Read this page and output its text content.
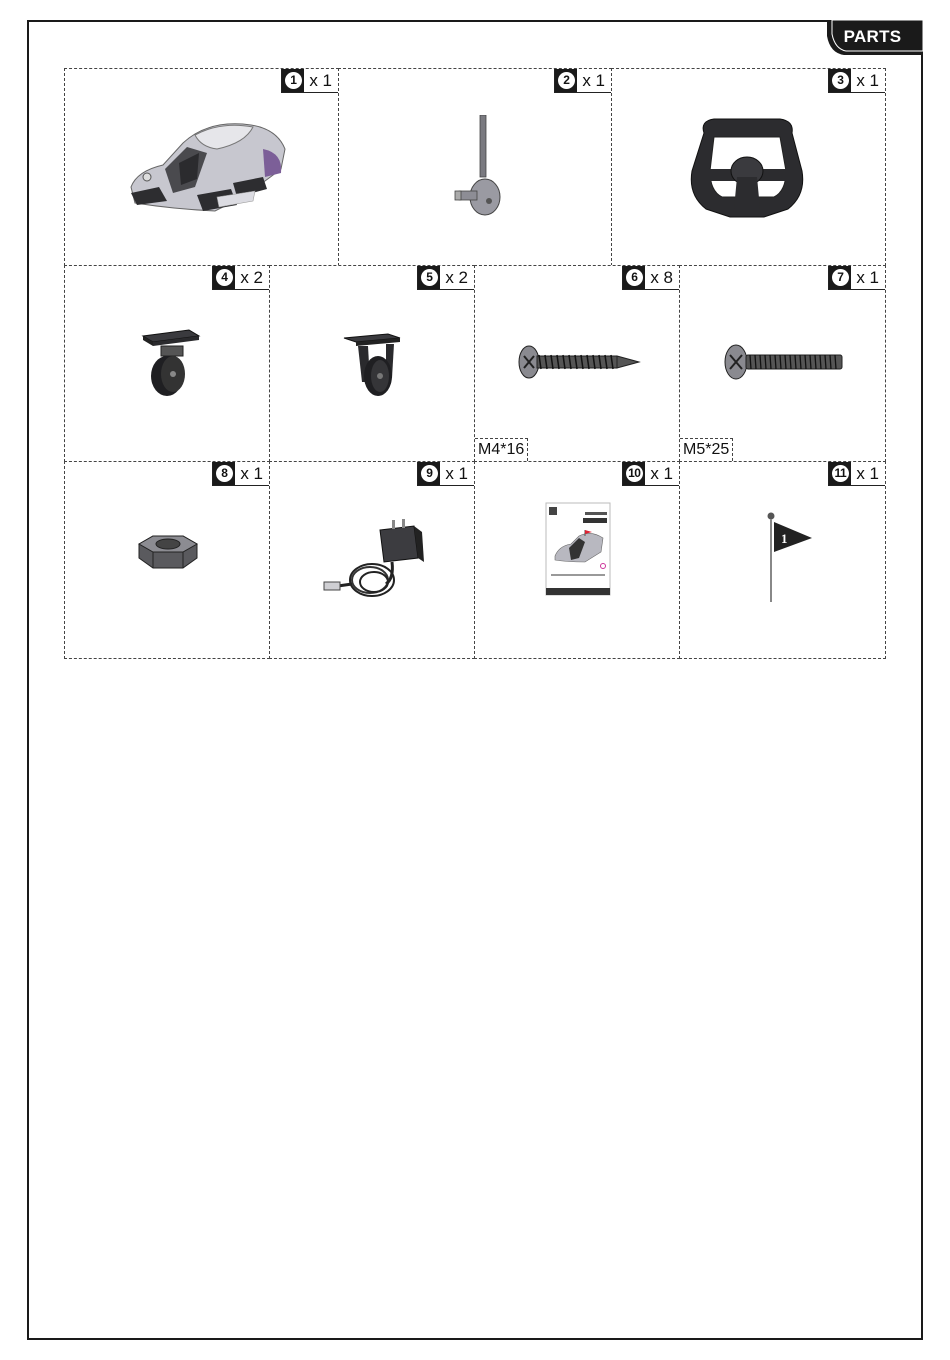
PARTS
1 x 1	2 x 1	3 x 1
4 x 2	5 x 2	6 x 8
M4*16
7 x 1
M5*25
8 x 1	9 x 1	10 x 1	11 x 1
1
